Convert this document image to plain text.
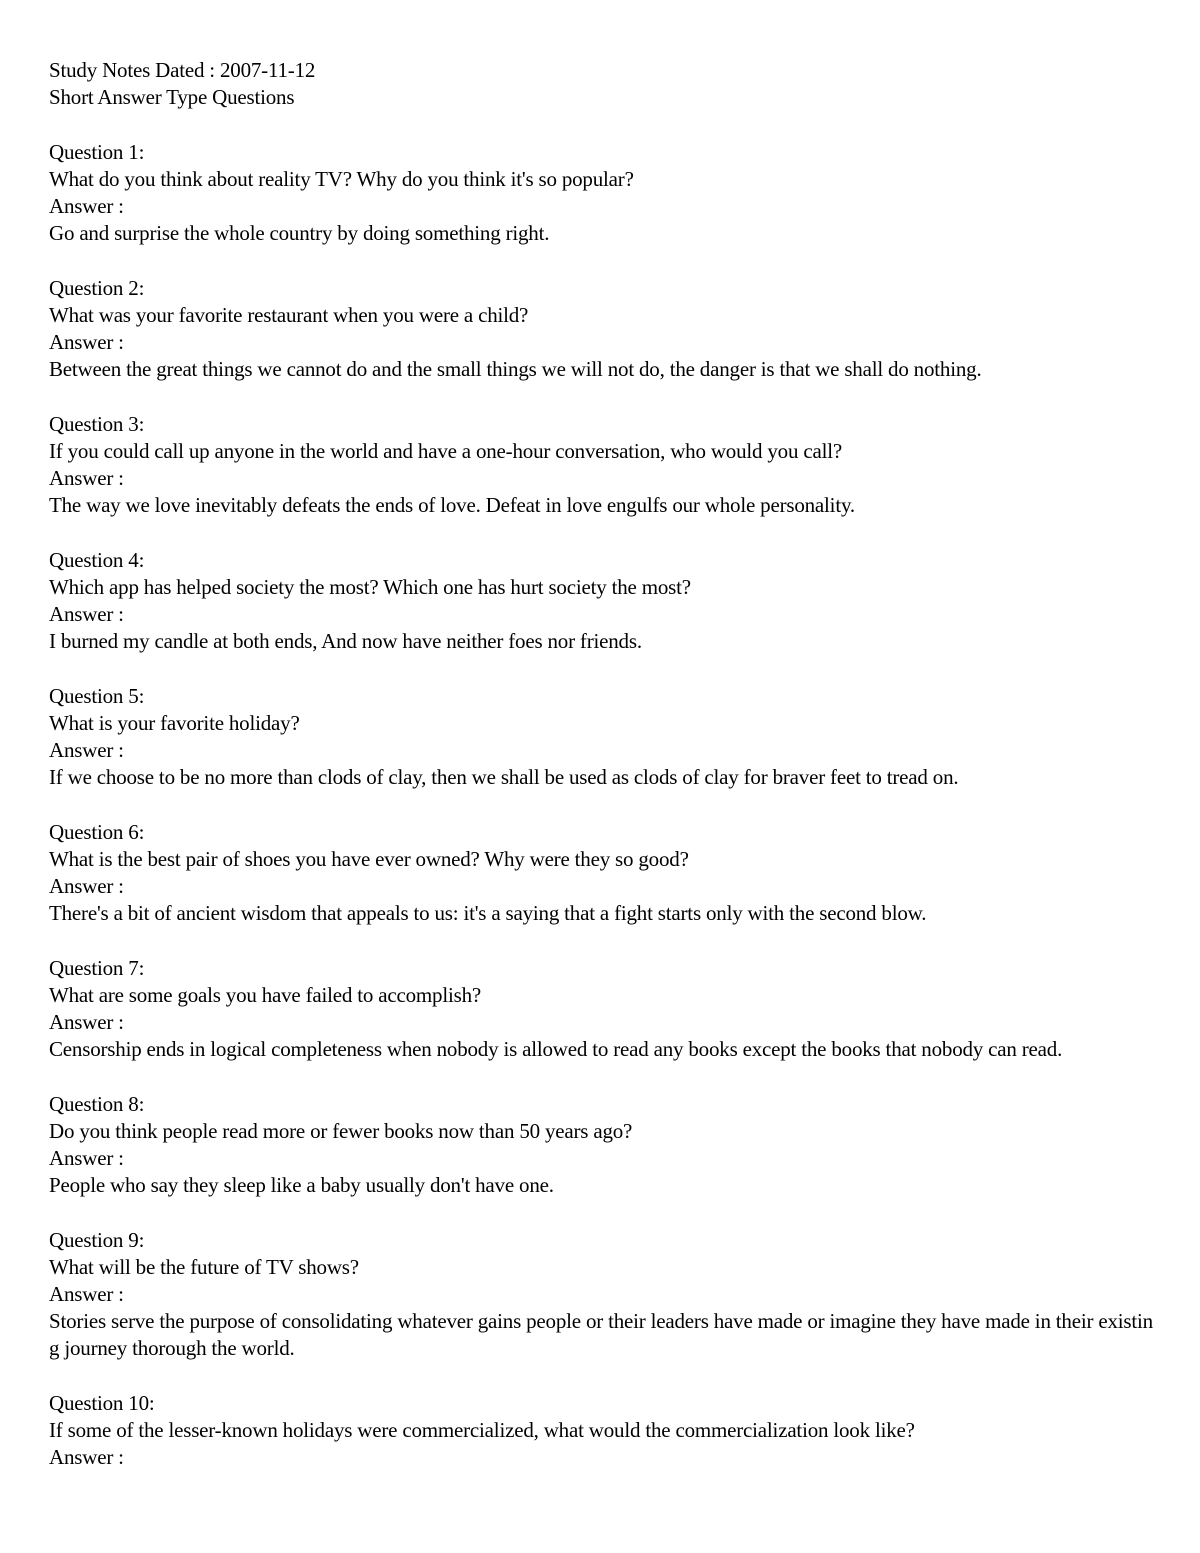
Study Notes Dated : 2007-11-12
Short Answer Type Questions
Question 1:
What do you think about reality TV? Why do you think it's so popular?
Answer :
Go and surprise the whole country by doing something right.
Question 2:
What was your favorite restaurant when you were a child?
Answer :
Between the great things we cannot do and the small things we will not do, the danger is that we shall do nothing.
Question 3:
If you could call up anyone in the world and have a one-hour conversation, who would you call?
Answer :
The way we love inevitably defeats the ends of love. Defeat in love engulfs our whole personality.
Question 4:
Which app has helped society the most? Which one has hurt society the most?
Answer :
I burned my candle at both ends, And now have neither foes nor friends.
Question 5:
What is your favorite holiday?
Answer :
If we choose to be no more than clods of clay, then we shall be used as clods of clay for braver feet to tread on.
Question 6:
What is the best pair of shoes you have ever owned? Why were they so good?
Answer :
There's a bit of ancient wisdom that appeals to us: it's a saying that a fight starts only with the second blow.
Question 7:
What are some goals you have failed to accomplish?
Answer :
Censorship ends in logical completeness when nobody is allowed to read any books except the books that nobody can read.
Question 8:
Do you think people read more or fewer books now than 50 years ago?
Answer :
People who say they sleep like a baby usually don't have one.
Question 9:
What will be the future of TV shows?
Answer :
Stories serve the purpose of consolidating whatever gains people or their leaders have made or imagine they have made in their existing journey thorough the world.
Question 10:
If some of the lesser-known holidays were commercialized, what would the commercialization look like?
Answer :
